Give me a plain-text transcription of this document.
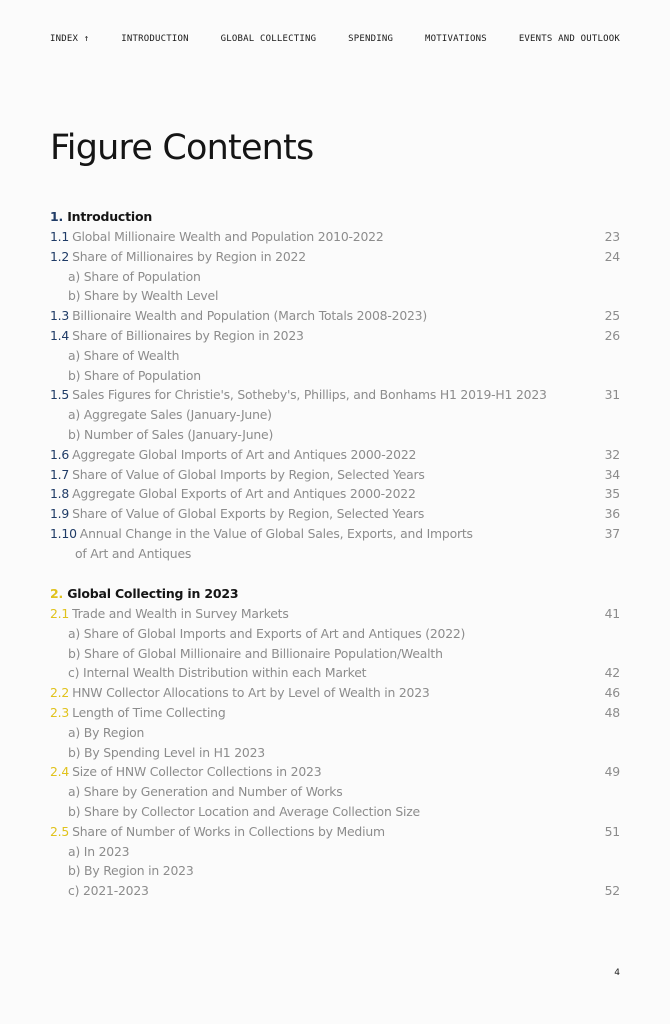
INDEX ↑	INTRODUCTION	GLOBAL COLLECTING	SPENDING	MOTIVATIONS	EVENTS AND OUTLOOK
Figure Contents
1. Introduction
1.1 Global Millionaire Wealth and Population 2010-2022	23
1.2 Share of Millionaires by Region in 2022	24
a) Share of Population
b) Share by Wealth Level
1.3 Billionaire Wealth and Population (March Totals 2008-2023)	25
1.4 Share of Billionaires by Region in 2023	26
a) Share of Wealth
b) Share of Population
1.5 Sales Figures for Christie's, Sotheby's, Phillips, and Bonhams H1 2019-H1 2023	31
a) Aggregate Sales (January-June)
b) Number of Sales (January-June)
1.6 Aggregate Global Imports of Art and Antiques 2000-2022	32
1.7 Share of Value of Global Imports by Region, Selected Years	34
1.8 Aggregate Global Exports of Art and Antiques 2000-2022	35
1.9 Share of Value of Global Exports by Region, Selected Years	36
1.10 Annual Change in the Value of Global Sales, Exports, and Imports	37
of Art and Antiques
2. Global Collecting in 2023
2.1 Trade and Wealth in Survey Markets	41
a) Share of Global Imports and Exports of Art and Antiques (2022)
b) Share of Global Millionaire and Billionaire Population/Wealth
c) Internal Wealth Distribution within each Market	42
2.2 HNW Collector Allocations to Art by Level of Wealth in 2023	46
2.3 Length of Time Collecting	48
a) By Region
b) By Spending Level in H1 2023
2.4 Size of HNW Collector Collections in 2023	49
a) Share by Generation and Number of Works
b) Share by Collector Location and Average Collection Size
2.5 Share of Number of Works in Collections by Medium	51
a) In 2023
b) By Region in 2023
c) 2021-2023	52
4
